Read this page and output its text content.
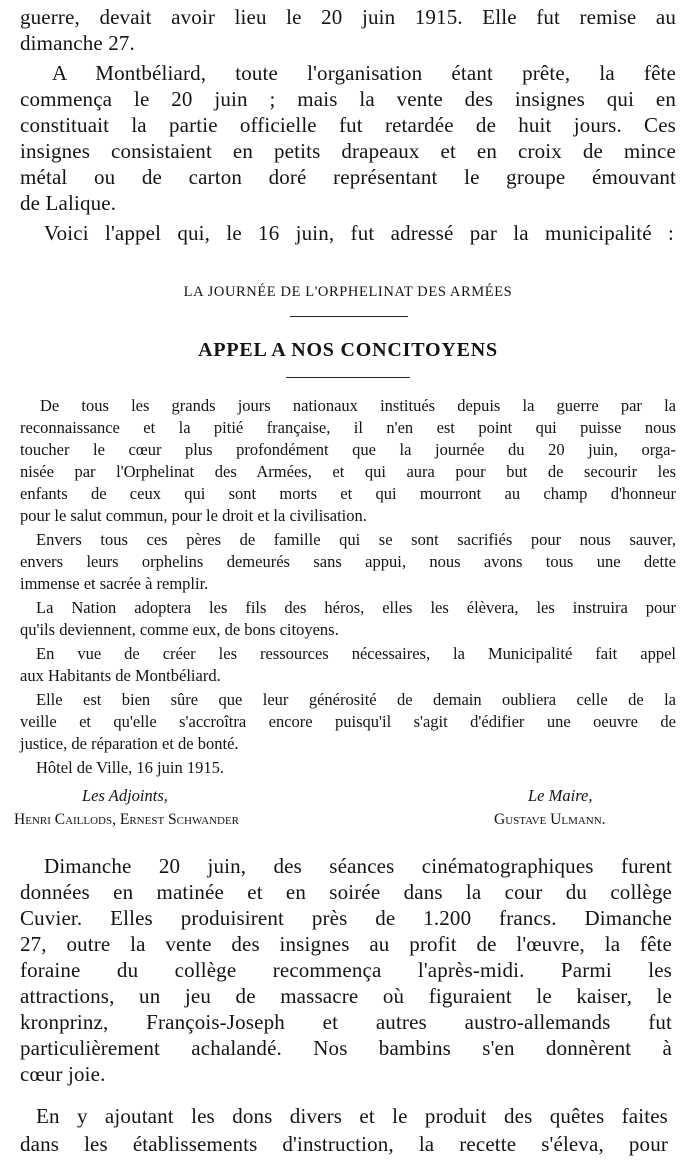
guerre, devait avoir lieu le 20 juin 1915. Elle fut remise au
dimanche 27.
A Montbéliard, toute l'organisation étant prête, la fête
commença le 20 juin ; mais la vente des insignes qui en
constituait la partie officielle fut retardée de huit jours. Ces
insignes consistaient en petits drapeaux et en croix de mince
métal ou de carton doré représentant le groupe émouvant
de Lalique.
Voici l'appel qui, le 16 juin, fut adressé par la municipalité :
LA JOURNÉE DE L'ORPHELINAT DES ARMÉES
APPEL A NOS CONCITOYENS
De tous les grands jours nationaux institués depuis la guerre par la
reconnaissance et la pitié française, il n'en est point qui puisse nous
toucher le cœur plus profondément que la journée du 20 juin, orga-
nisée par l'Orphelinat des Armées, et qui aura pour but de secourir les
enfants de ceux qui sont morts et qui mourront au champ d'honneur
pour le salut commun, pour le droit et la civilisation.
Envers tous ces pères de famille qui se sont sacrifiés pour nous sauver,
envers leurs orphelins demeurés sans appui, nous avons tous une dette
immense et sacrée à remplir.
La Nation adoptera les fils des héros, elles les élèvera, les instruira pour
qu'ils deviennent, comme eux, de bons citoyens.
En vue de créer les ressources nécessaires, la Municipalité fait appel
aux Habitants de Montbéliard.
Elle est bien sûre que leur générosité de demain oubliera celle de la
veille et qu'elle s'accroîtra encore puisqu'il s'agit d'édifier une oeuvre de
justice, de réparation et de bonté.
Hôtel de Ville, 16 juin 1915.
Les Adjoints,
Henri Caillods, Ernest Schwander
Le Maire,
Gustave Ulmann.
Dimanche 20 juin, des séances cinématographiques furent
données en matinée et en soirée dans la cour du collège
Cuvier. Elles produisirent près de 1.200 francs. Dimanche
27, outre la vente des insignes au profit de l'œuvre, la fête
foraine du collège recommença l'après-midi. Parmi les
attractions, un jeu de massacre où figuraient le kaiser, le
kronprinz, François-Joseph et autres austro-allemands fut
particulièrement achalandé. Nos bambins s'en donnèrent à
cœur joie.
En y ajoutant les dons divers et le produit des quêtes faites
dans les établissements d'instruction, la recette s'éleva, pour
